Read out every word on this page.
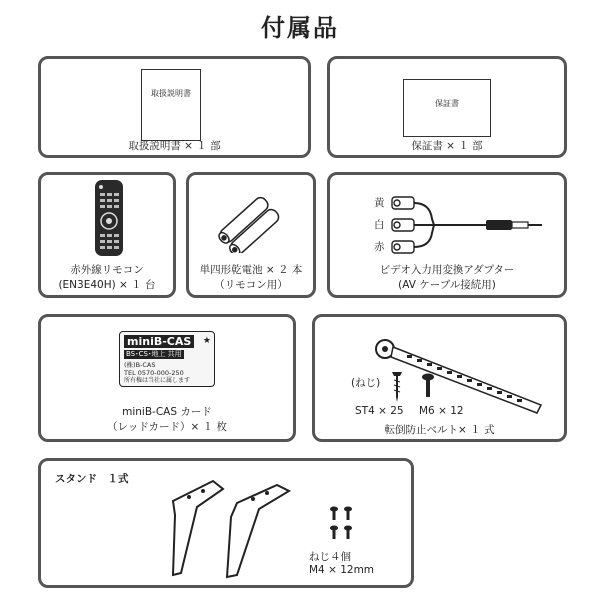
付属品
取扱説明書
取扱説明書 × １ 部
保証書
保証書 × １ 部
赤外線リモコン
(EN3E40H) × １ 台
単四形乾電池 × ２ 本
（リモコン用）
黄
白
赤
ビデオ入力用変換アダプター
(AV ケーブル接続用)
miniB-CAS	★
BS･CS･地上 共用
(株)B-CAS
TEL 0570-000-250
所有権は当社に属します
miniB-CAS カード
（レッドカード）× １ 枚
(ねじ)
ST4 × 25 M6 × 12
転倒防止ベルト× １ 式
スタンド　１式
ねじ４個
M4 × 12mm
